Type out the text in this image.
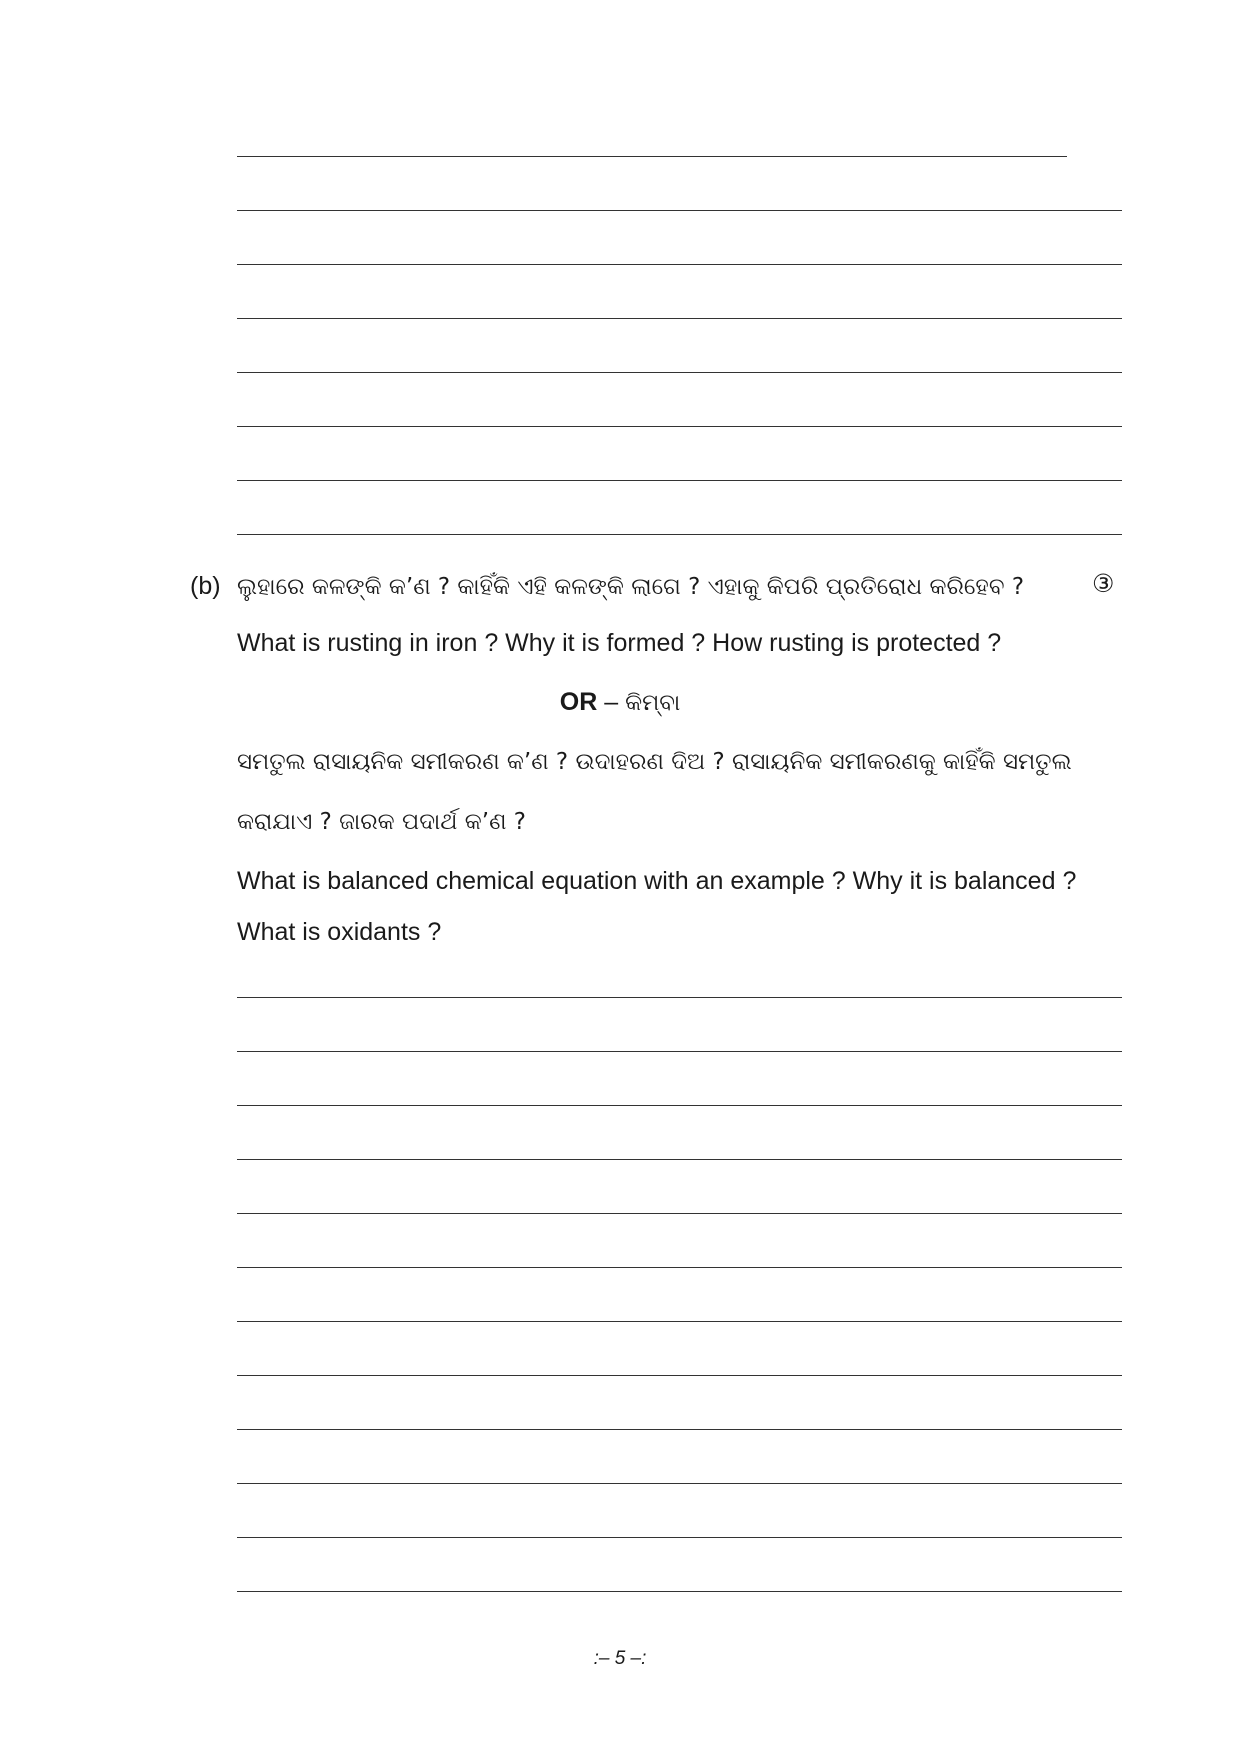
(b) ଲୁହାରେ କଳଙ୍କି କ’ଣ ? କାହିଁକି ଏହି କଳଙ୍କି ଲାଗେ ? ଏହାକୁ କିପରି ପ୍ରତିରୋଧ କରିହେବ ?	③
What is rusting in iron ? Why it is formed ? How rusting is protected ?
OR – କିମ୍ବା
ସମତୁଲ ରାସାୟନିକ ସମୀକରଣ କ’ଣ ? ଉଦାହରଣ ଦିଅ ? ରାସାୟନିକ ସମୀକରଣକୁ କାହିଁକି ସମତୁଲ
କରାଯାଏ ? ଜାରକ ପଦାର୍ଥ କ’ଣ ?
What is balanced chemical equation with an example ? Why it is balanced ?
What is oxidants ?
:– 5 –:
